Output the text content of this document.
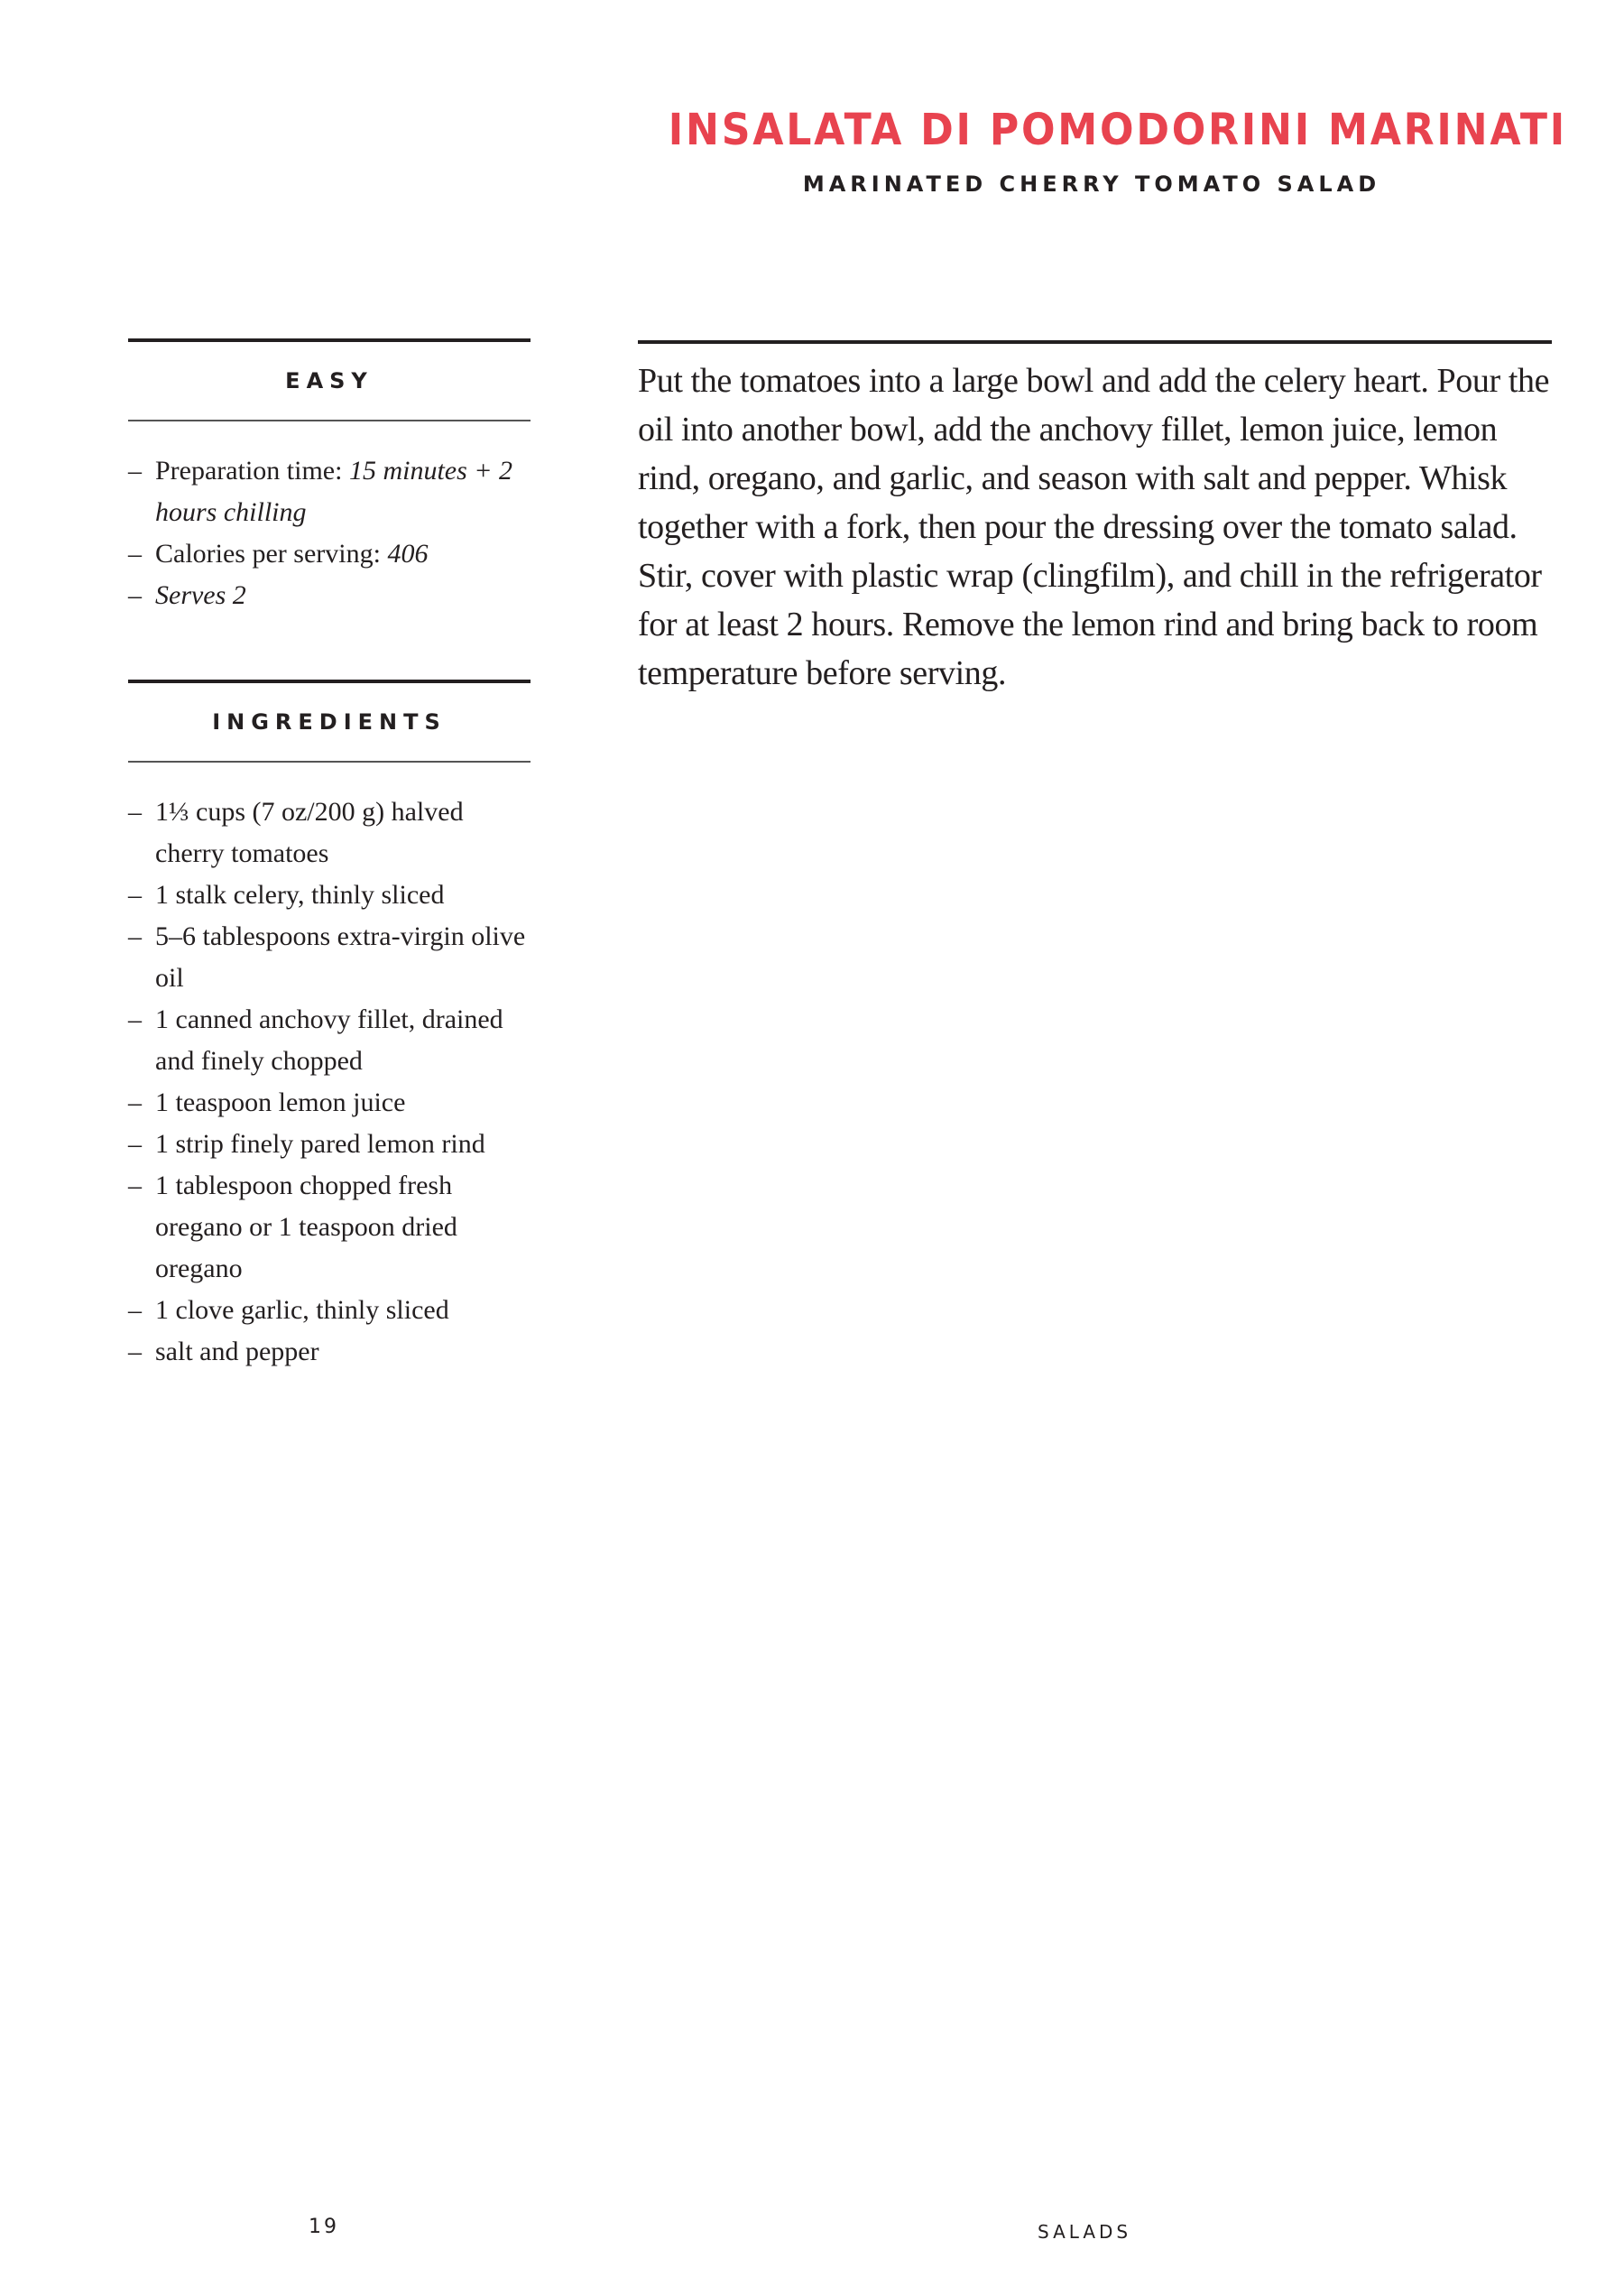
INSALATA DI POMODORINI MARINATI
MARINATED CHERRY TOMATO SALAD
EASY
– Preparation time: 15 minutes + 2 hours chilling
– Calories per serving: 406
– Serves 2
INGREDIENTS
– 1⅓ cups (7 oz/200 g) halved cherry tomatoes
– 1 stalk celery, thinly sliced
– 5–6 tablespoons extra-virgin olive oil
– 1 canned anchovy fillet, drained and finely chopped
– 1 teaspoon lemon juice
– 1 strip finely pared lemon rind
– 1 tablespoon chopped fresh oregano or 1 teaspoon dried oregano
– 1 clove garlic, thinly sliced
– salt and pepper

Put the tomatoes into a large bowl and add the celery heart. Pour the oil into another bowl, add the anchovy fillet, lemon juice, lemon rind, oregano, and garlic, and season with salt and pepper. Whisk together with a fork, then pour the dressing over the tomato salad. Stir, cover with plastic wrap (clingfilm), and chill in the refrigerator for at least 2 hours. Remove the lemon rind and bring back to room temperature before serving.

19	SALADS
